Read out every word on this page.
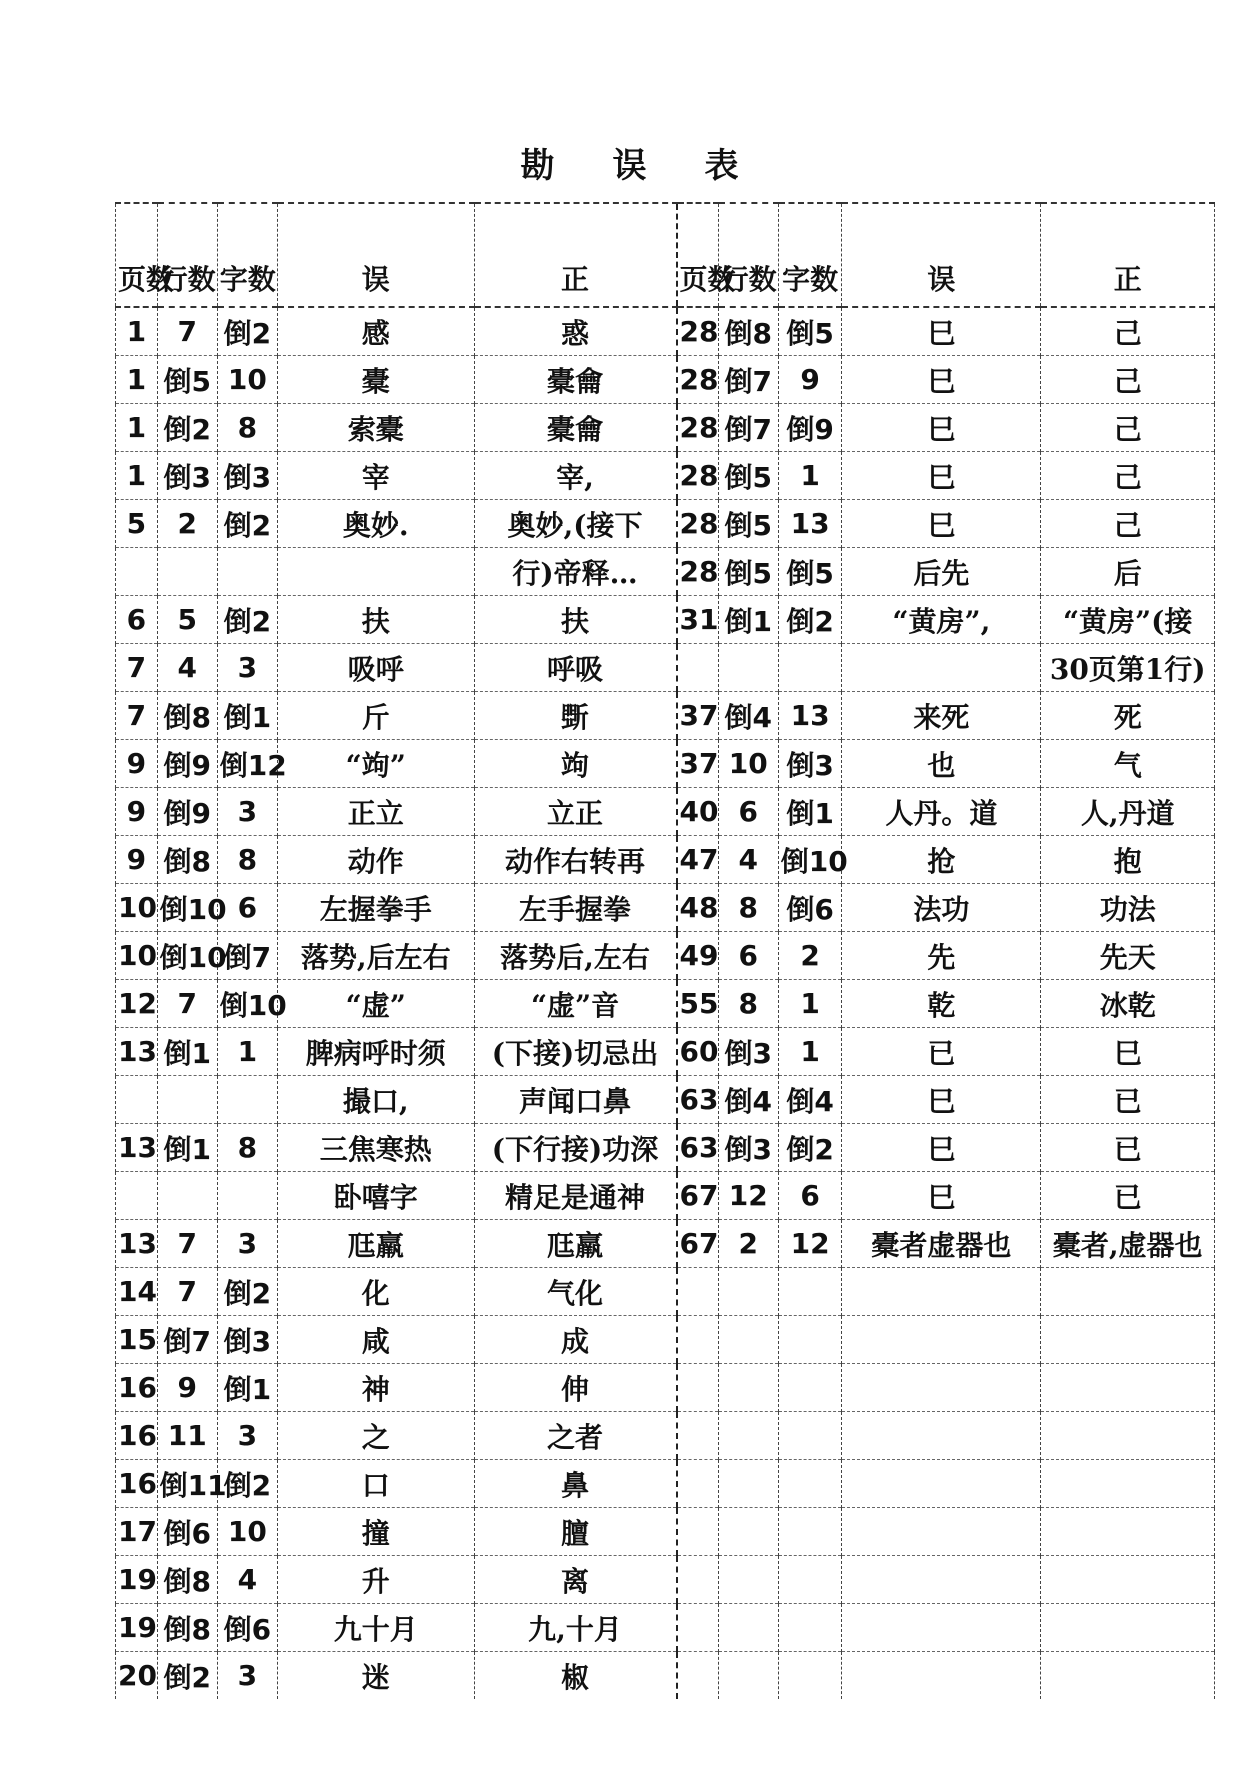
勘误表
页数	行数	字数	误	正	页数	行数	字数	误	正
1	7	倒2	感	惑	28	倒8	倒5	巳	己
1	倒5	10	橐	橐龠	28	倒7	9	巳	己
1	倒2	8	索橐	橐龠	28	倒7	倒9	巳	己
1	倒3	倒3	宰	宰,	28	倒5	1	巳	己
5	2	倒2	奥妙.	奥妙,(接下	28	倒5	13	巳	己
				行)帝释…	28	倒5	倒5	后先	后
6	5	倒2	扶	扶	31	倒1	倒2	“黄房”,	“黄房”(接
7	4	3	吸呼	呼吸					30页第1行)
7	倒8	倒1	斤	斲	37	倒4	13	来死	死
9	倒9	倒12	“竘”	竘	37	10	倒3	也	气
9	倒9	3	正立	立正	40	6	倒1	人丹。道	人,丹道
9	倒8	8	动作	动作右转再	47	4	倒10	抢	抱
10	倒10	6	左握拳手	左手握拳	48	8	倒6	法功	功法
10	倒10	倒7	落势,后左右	落势后,左右	49	6	2	先	先天
12	7	倒10	“虚”	“虚”音	55	8	1	乾	冰乾
13	倒1	1	脾病呼时须	(下接)切忌出	60	倒3	1	已	巳
			撮口,	声闻口鼻	63	倒4	倒4	巳	已
13	倒1	8	三焦寒热	(下行接)功深	63	倒3	倒2	巳	已
			卧嘻字	精足是通神	67	12	6	巳	已
13	7	3	尫羸	尫羸	67	2	12	橐者虚器也	橐者,虚器也
14	7	倒2	化	气化					
15	倒7	倒3	咸	成					
16	9	倒1	神	伸					
16	11	3	之	之者					
16	倒11	倒2	口	鼻					
17	倒6	10	撞	膻					
19	倒8	4	升	离					
19	倒8	倒6	九十月	九,十月					
20	倒2	3	迷	椒					
